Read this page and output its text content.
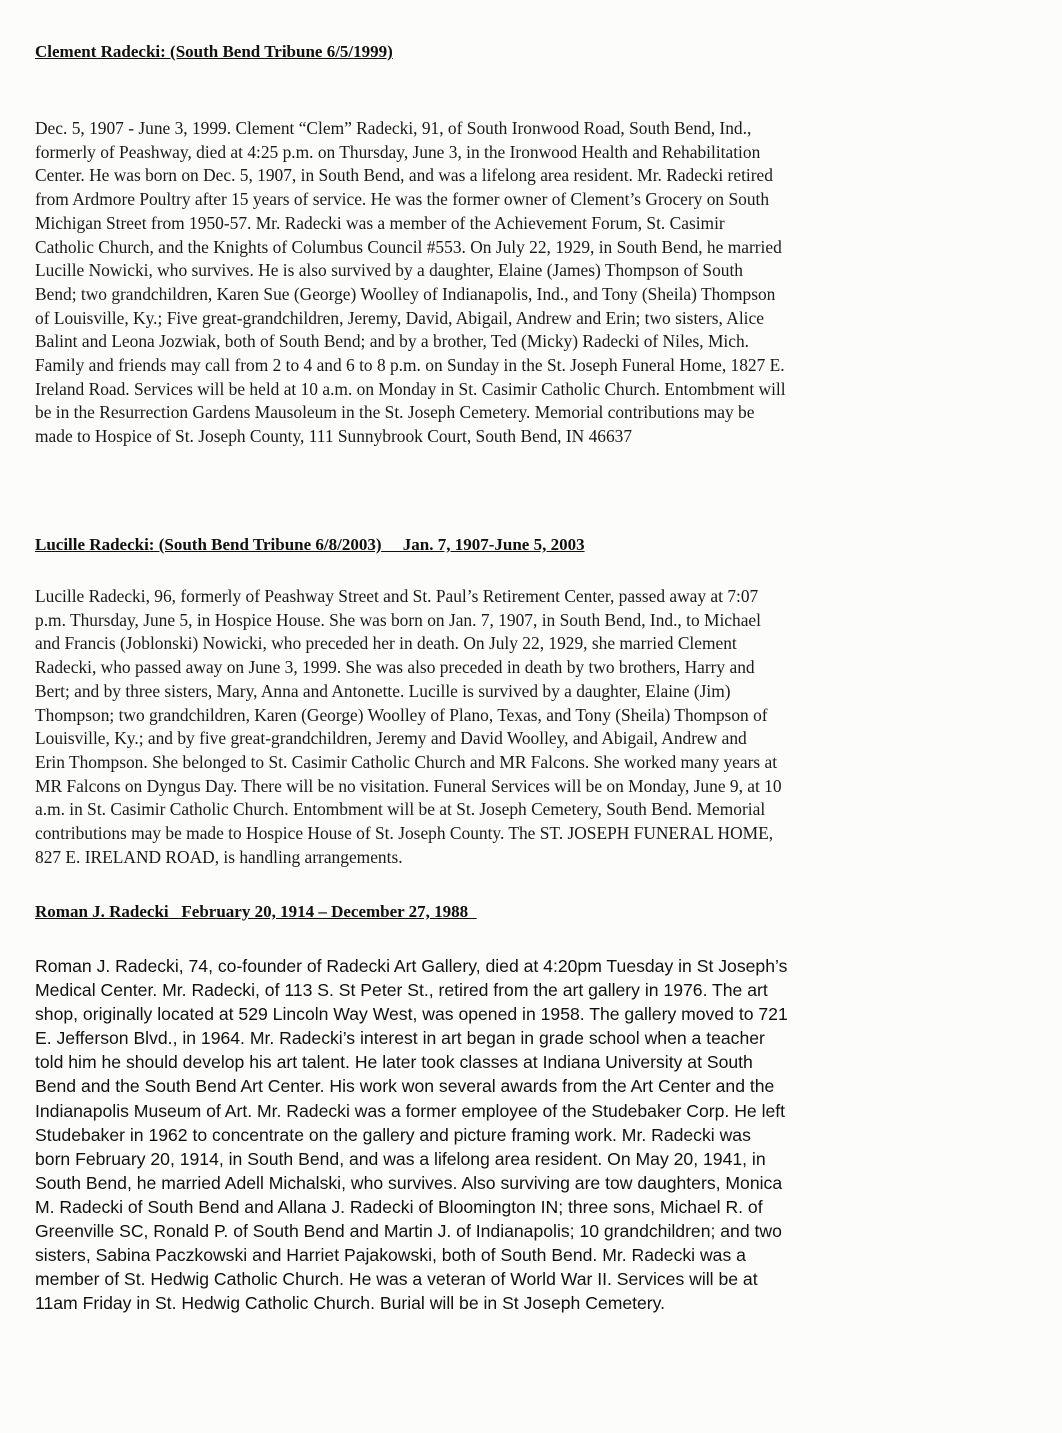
Clement Radecki: (South Bend Tribune 6/5/1999)
Dec. 5, 1907 - June 3, 1999. Clement “Clem” Radecki, 91, of South Ironwood Road, South Bend, Ind.,
formerly of Peashway, died at 4:25 p.m. on Thursday, June 3, in the Ironwood Health and Rehabilitation
Center. He was born on Dec. 5, 1907, in South Bend, and was a lifelong area resident. Mr. Radecki retired
from Ardmore Poultry after 15 years of service. He was the former owner of Clement’s Grocery on South
Michigan Street from 1950-57. Mr. Radecki was a member of the Achievement Forum, St. Casimir
Catholic Church, and the Knights of Columbus Council #553. On July 22, 1929, in South Bend, he married
Lucille Nowicki, who survives. He is also survived by a daughter, Elaine (James) Thompson of South
Bend; two grandchildren, Karen Sue (George) Woolley of Indianapolis, Ind., and Tony (Sheila) Thompson
of Louisville, Ky.; Five great-grandchildren, Jeremy, David, Abigail, Andrew and Erin; two sisters, Alice
Balint and Leona Jozwiak, both of South Bend; and by a brother, Ted (Micky) Radecki of Niles, Mich.
Family and friends may call from 2 to 4 and 6 to 8 p.m. on Sunday in the St. Joseph Funeral Home, 1827 E.
Ireland Road. Services will be held at 10 a.m. on Monday in St. Casimir Catholic Church. Entombment will
be in the Resurrection Gardens Mausoleum in the St. Joseph Cemetery. Memorial contributions may be
made to Hospice of St. Joseph County, 111 Sunnybrook Court, South Bend, IN 46637
Lucille Radecki: (South Bend Tribune 6/8/2003)     Jan. 7, 1907-June 5, 2003
Lucille Radecki, 96, formerly of Peashway Street and St. Paul’s Retirement Center, passed away at 7:07
p.m. Thursday, June 5, in Hospice House. She was born on Jan. 7, 1907, in South Bend, Ind., to Michael
and Francis (Joblonski) Nowicki, who preceded her in death. On July 22, 1929, she married Clement
Radecki, who passed away on June 3, 1999. She was also preceded in death by two brothers, Harry and
Bert; and by three sisters, Mary, Anna and Antonette. Lucille is survived by a daughter, Elaine (Jim)
Thompson; two grandchildren, Karen (George) Woolley of Plano, Texas, and Tony (Sheila) Thompson of
Louisville, Ky.; and by five great-grandchildren, Jeremy and David Woolley, and Abigail, Andrew and
Erin Thompson. She belonged to St. Casimir Catholic Church and MR Falcons. She worked many years at
MR Falcons on Dyngus Day. There will be no visitation. Funeral Services will be on Monday, June 9, at 10
a.m. in St. Casimir Catholic Church. Entombment will be at St. Joseph Cemetery, South Bend. Memorial
contributions may be made to Hospice House of St. Joseph County. The ST. JOSEPH FUNERAL HOME,
827 E. IRELAND ROAD, is handling arrangements.
Roman J. Radecki   February 20, 1914 – December 27, 1988
Roman J. Radecki, 74, co-founder of Radecki Art Gallery, died at 4:20pm Tuesday in St Joseph’s
Medical Center. Mr. Radecki, of 113 S. St Peter St., retired from the art gallery in 1976. The art
shop, originally located at 529 Lincoln Way West, was opened in 1958. The gallery moved to 721
E. Jefferson Blvd., in 1964. Mr. Radecki’s interest in art began in grade school when a teacher
told him he should develop his art talent. He later took classes at Indiana University at South
Bend and the South Bend Art Center. His work won several awards from the Art Center and the
Indianapolis Museum of Art. Mr. Radecki was a former employee of the Studebaker Corp. He left
Studebaker in 1962 to concentrate on the gallery and picture framing work. Mr. Radecki was
born February 20, 1914, in South Bend, and was a lifelong area resident. On May 20, 1941, in
South Bend, he married Adell Michalski, who survives. Also surviving are tow daughters, Monica
M. Radecki of South Bend and Allana J. Radecki of Bloomington IN; three sons, Michael R. of
Greenville SC, Ronald P. of South Bend and Martin J. of Indianapolis; 10 grandchildren; and two
sisters, Sabina Paczkowski and Harriet Pajakowski, both of South Bend. Mr. Radecki was a
member of St. Hedwig Catholic Church. He was a veteran of World War II. Services will be at
11am Friday in St. Hedwig Catholic Church. Burial will be in St Joseph Cemetery.
